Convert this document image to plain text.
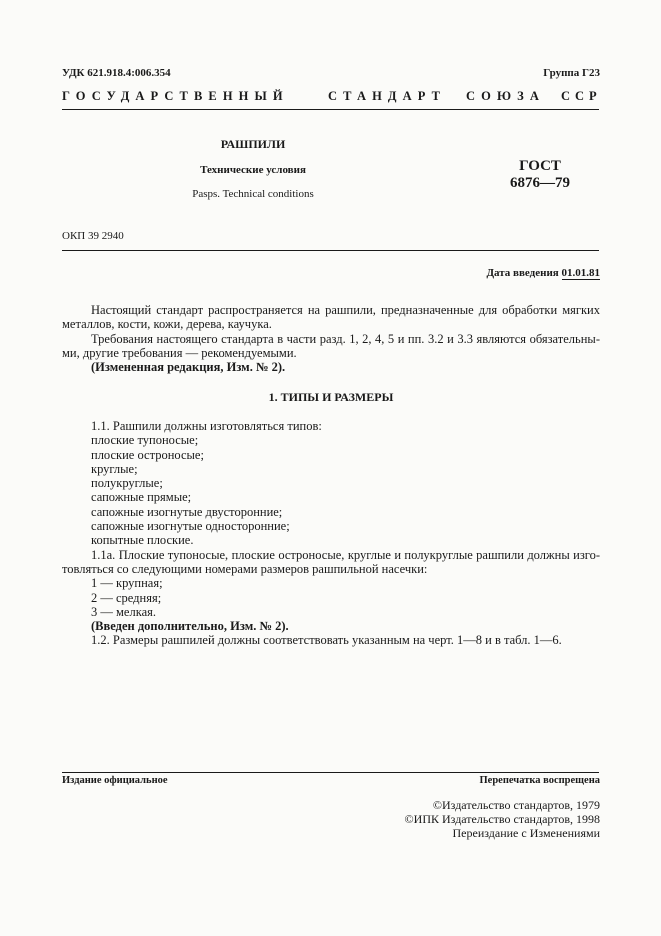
УДК 621.918.4:006.354	Группа Г23
ГОСУДАРСТВЕННЫЙ	СТАНДАРТ СОЮЗА ССР
РАШПИЛИ
Технические условия
Pasps. Technical conditions
ГОСТ
6876—79
ОКП 39 2940
Дата введения 01.01.81

Настоящий стандарт распространяется на рашпили, предназначенные для обработки мягких

металлов, кости, кожи, дерева, каучука.

Требования настоящего стандарта в части разд. 1, 2, 4, 5 и пп. 3.2 и 3.3 являются обязательны-

ми, другие требования — рекомендуемыми.

(Измененная редакция, Изм. № 2).

1. ТИПЫ И РАЗМЕРЫ

1.1. Рашпили должны изготовляться типов:

плоские тупоносые;

плоские остроносые;

круглые;

полукруглые;

сапожные прямые;

сапожные изогнутые двусторонние;

сапожные изогнутые односторонние;

копытные плоские.

1.1а. Плоские тупоносые, плоские остроносые, круглые и полукруглые рашпили должны изго-

товляться со следующими номерами размеров рашпильной насечки:

1 — крупная;

2 — средняя;

3 — мелкая.

(Введен дополнительно, Изм. № 2).

1.2. Размеры рашпилей должны соответствовать указанным на черт. 1—8 и в табл. 1—6.

Издание официальное	Перепечатка воспрещена
©Издательство стандартов, 1979
©ИПК Издательство стандартов, 1998
Переиздание с Изменениями
